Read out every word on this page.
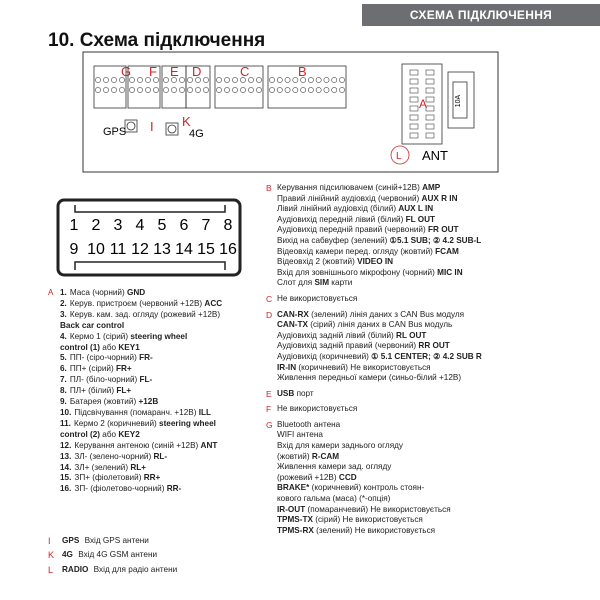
СХЕМА ПІДКЛЮЧЕННЯ
10. Схема підключення
G F E D	C	B
10A
A
GPS I K
4G
L ANT
1 2 3 4 5 6 7 8
9 10 11 12 13 14 15 16
A 1. Маса (чорний) GND
2. Керув. пристроєм (червоний +12В) ACC
3. Керув. кам. зад. огляду (рожевий +12В)
Back car control
4. Кермо 1 (сірий) steering wheel
control (1) або KEY1
5. ПП- (сіро-чорний) FR-
6. ПП+ (сірий) FR+
7. ПЛ- (біло-чорний) FL-
8. ПЛ+ (білий) FL+
9. Батарея (жовтий) +12В
10. Підсвічування (помаранч. +12В) ILL
11. Кермо 2 (коричневий) steering wheel
control (2) або KEY2
12. Керування антеною (синій +12В) ANT
13. ЗЛ- (зелено-чорний) RL-
14. ЗЛ+ (зелений) RL+
15. ЗП+ (фіолетовий) RR+
16. ЗП- (фіолетово-чорний) RR-
I	GPS Вхід GPS антени
K 4G Вхід 4G GSM антени
L	RADIO Вхід для радіо антени
B Керування підсилювачем (синій+12В) AMP
Правий лінійний аудіовхід (червоний) AUX R IN
Лівий лінійний аудіовхід (білий) AUX L IN
Аудіовихід передній лівий (білий) FL OUT
Аудіовихід передній правий (червоний) FR OUT
Вихід на сабвуфер (зелений) ①5.1 SUB; ② 4.2 SUB-L
Відеовхід камери перед. огляду (жовтий) FCAM
Відеовхід 2 (жовтий) VIDEO IN
Вхід для зовнішнього мікрофону (чорний) MIC IN
Слот для SIM карти
C Не використовується
D CAN-RX (зелений) лінія даних з CAN Bus модуля
CAN-TX (сірий) лінія даних в CAN Bus модуль
Аудіовихід задній лівий (білий) RL OUT
Аудіовихід задній правий (червоний) RR OUT
Аудіовихід (коричневий) ① 5.1 CENTER; ② 4.2 SUB R
IR-IN (коричневий) Не використовується
Живлення передньої камери (синьо-білий +12В)
E USB порт
F Не використовується
G Bluetooth антена
WIFI антена
Вхід для камери заднього огляду
(жовтий) R-CAM
Живлення камери зад. огляду
(рожевий +12В) CCD
BRAKE* (коричневий) контроль стоян-
кового гальма (маса) (*-опція)
IR-OUT (помаранчевий) Не використовується
TPMS-TX (сірий) Не використовується
TPMS-RX (зелений) Не використовується
